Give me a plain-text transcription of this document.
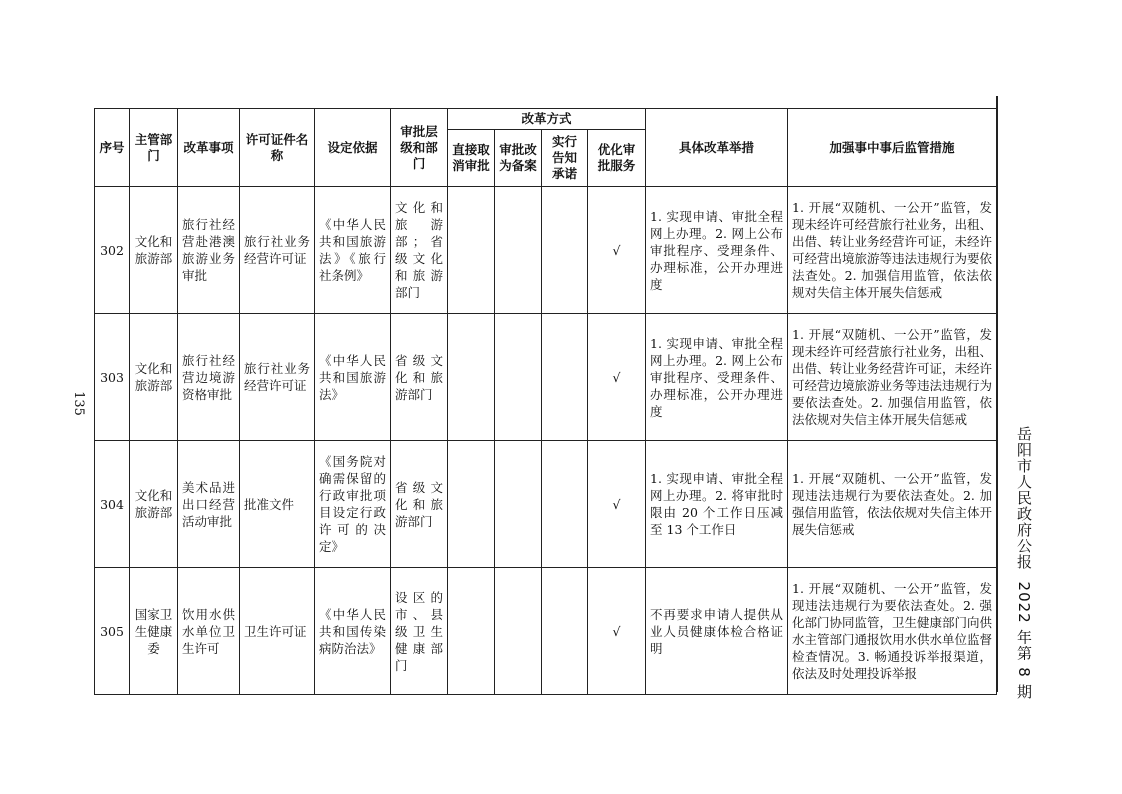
135
岳阳市人民政府公报  2022 年第 8 期
序号	主管部门	改革事项	许可证件名称	设定依据	审批层级和部门	改革方式				具体改革举措	加强事中事后监管措施
						直接取消审批	审批改为备案	实行告知承诺	优化审批服务		
302	文化和旅游部	旅行社经营赴港澳旅游业务审批	旅行社业务经营许可证	《中华人民共和国旅游法》《旅行社条例》	文化和旅游部；省级文化和旅游部门				√	1. 实现申请、审批全程网上办理。2. 网上公布审批程序、受理条件、办理标准，公开办理进度	1. 开展“双随机、一公开”监管，发现未经许可经营旅行社业务，出租、出借、转让业务经营许可证，未经许可经营出境旅游等违法违规行为要依法查处。2. 加强信用监管，依法依规对失信主体开展失信惩戒
303	文化和旅游部	旅行社经营边境游资格审批	旅行社业务经营许可证	《中华人民共和国旅游法》	省级文化和旅游部门				√	1. 实现申请、审批全程网上办理。2. 网上公布审批程序、受理条件、办理标准，公开办理进度	1. 开展“双随机、一公开”监管，发现未经许可经营旅行社业务，出租、出借、转让业务经营许可证，未经许可经营边境旅游业务等违法违规行为要依法查处。2. 加强信用监管，依法依规对失信主体开展失信惩戒
304	文化和旅游部	美术品进出口经营活动审批	批准文件	《国务院对确需保留的行政审批项目设定行政许可的决定》	省级文化和旅游部门				√	1. 实现申请、审批全程网上办理。2. 将审批时限由 20 个工作日压减至 13 个工作日	1. 开展“双随机、一公开”监管，发现违法违规行为要依法查处。2. 加强信用监管，依法依规对失信主体开展失信惩戒
305	国家卫生健康委	饮用水供水单位卫生许可	卫生许可证	《中华人民共和国传染病防治法》	设区的市、县级卫生健康部门				√	不再要求申请人提供从业人员健康体检合格证明	1. 开展“双随机、一公开”监管，发现违法违规行为要依法查处。2. 强化部门协同监管，卫生健康部门向供水主管部门通报饮用水供水单位监督检查情况。3. 畅通投诉举报渠道，依法及时处理投诉举报
